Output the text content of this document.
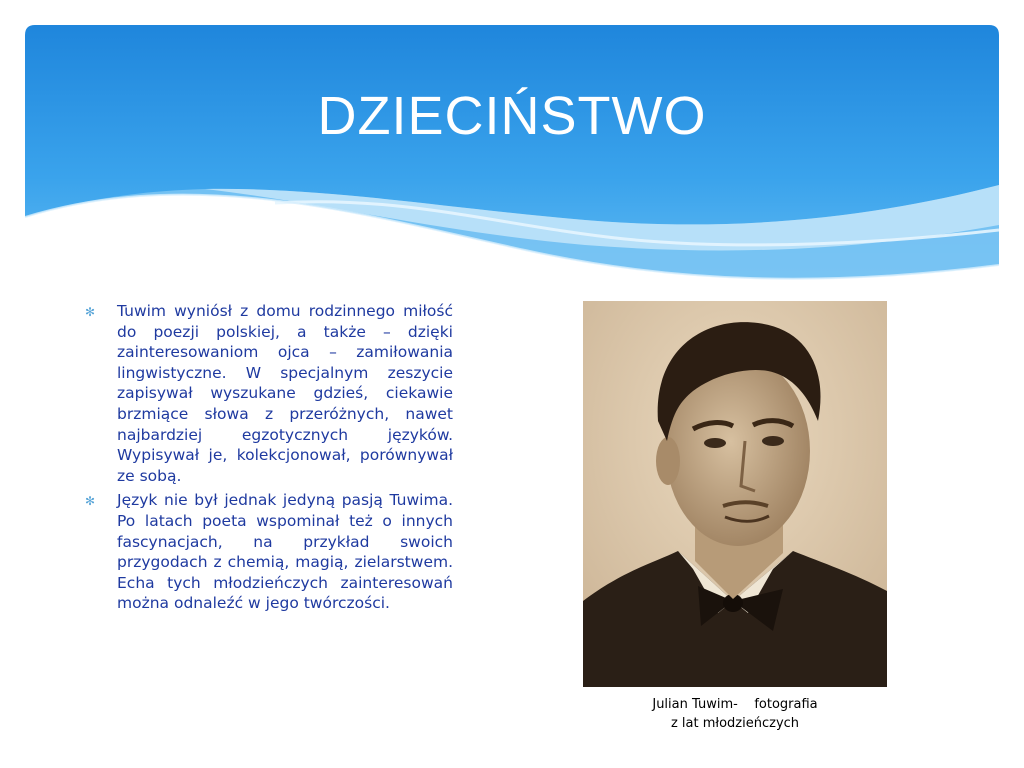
DZIECIŃSTWO
✻ Tuwim wyniósł z domu rodzinnego miłość do poezji polskiej, a także – dzięki zainteresowaniom ojca – zamiłowania lingwistyczne. W specjalnym zeszycie zapisywał wyszukane gdzieś, ciekawie brzmiące słowa z przeróżnych, nawet najbardziej egzotycznych języków. Wypisywał je, kolekcjonował, porównywał ze sobą.
✻ Język nie był jednak jedyną pasją Tuwima. Po latach poeta wspominał też o innych fascynacjach, na przykład swoich przygodach z chemią, magią, zielarstwem. Echa tych młodzieńczych zainteresowań można odnaleźć w jego twórczości.
Julian Tuwim-    fotografia
z lat młodzieńczych
